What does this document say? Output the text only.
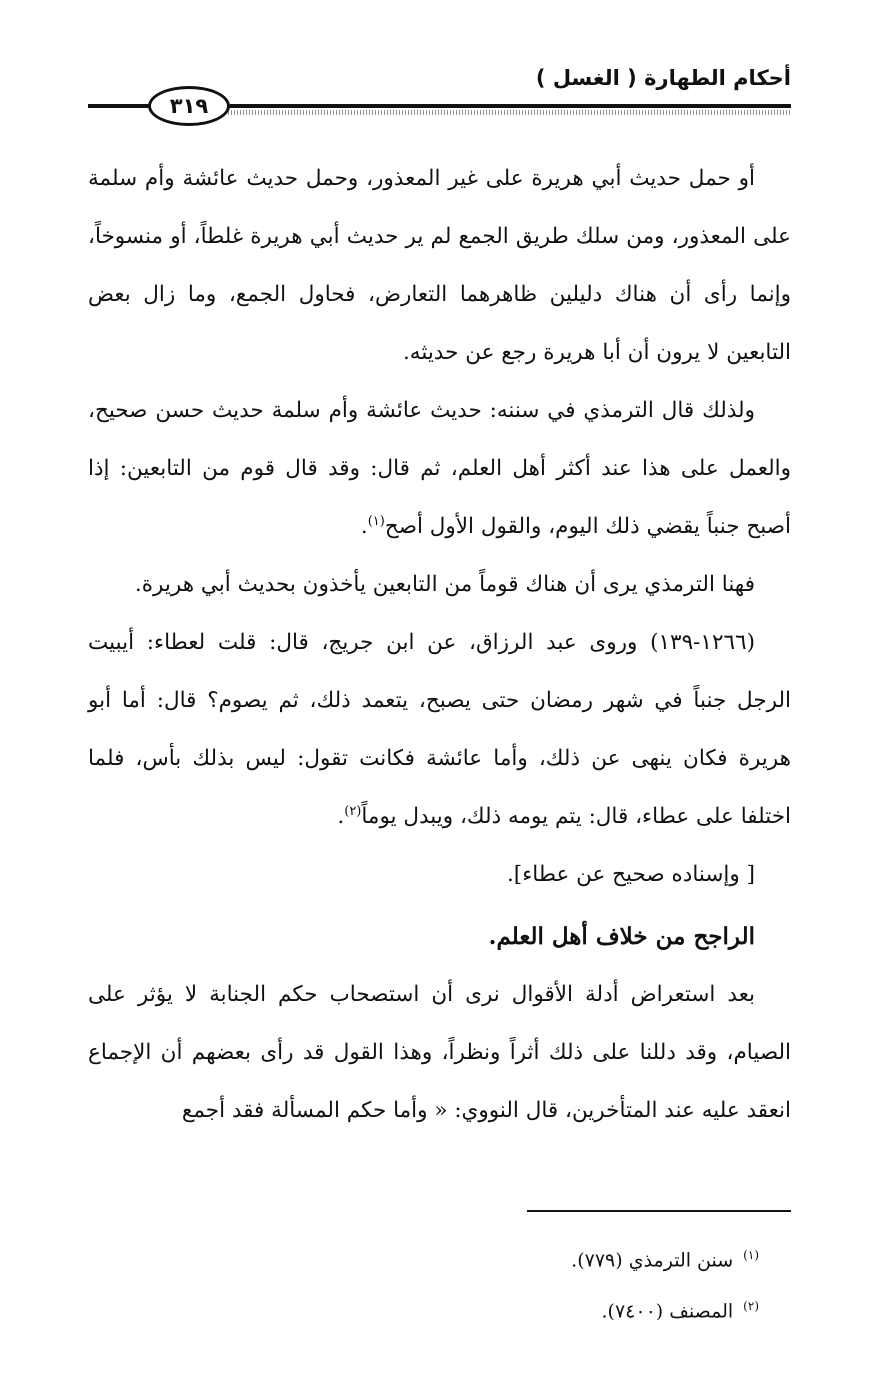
أحكام الطهارة ( الغسل )
٣١٩

أو حمل حديث أبي هريرة على غير المعذور، وحمل حديث عائشة وأم سلمة على المعذور، ومن سلك طريق الجمع لم ير حديث أبي هريرة غلطاً، أو منسوخاً، وإنما رأى أن هناك دليلين ظاهرهما التعارض، فحاول الجمع، وما زال بعض التابعين لا يرون أن أبا هريرة رجع عن حديثه.

ولذلك قال الترمذي في سننه: حديث عائشة وأم سلمة حديث حسن صحيح، والعمل على هذا عند أكثر أهل العلم، ثم قال: وقد قال قوم من التابعين: إذا أصبح جنباً يقضي ذلك اليوم، والقول الأول أصح$^{(١)}$.

فهنا الترمذي يرى أن هناك قوماً من التابعين يأخذون بحديث أبي هريرة.

(١٢٦٦-١٣٩) وروى عبد الرزاق، عن ابن جريج، قال: قلت لعطاء: أيبيت الرجل جنباً في شهر رمضان حتى يصبح، يتعمد ذلك، ثم يصوم؟ قال: أما أبو هريرة فكان ينهى عن ذلك، وأما عائشة فكانت تقول: ليس بذلك بأس، فلما اختلفا على عطاء، قال: يتم يومه ذلك، ويبدل يوماً$^{(٢)}$.

[ وإسناده صحيح عن عطاء].

الراجح من خلاف أهل العلم.

بعد استعراض أدلة الأقوال نرى أن استصحاب حكم الجنابة لا يؤثر على الصيام، وقد دللنا على ذلك أثراً ونظراً، وهذا القول قد رأى بعضهم أن الإجماع انعقد عليه عند المتأخرين، قال النووي: « وأما حكم المسألة فقد أجمع

$^{(١)}$سنن الترمذي (٧٧٩).
$^{(٢)}$المصنف (٧٤٠٠).
